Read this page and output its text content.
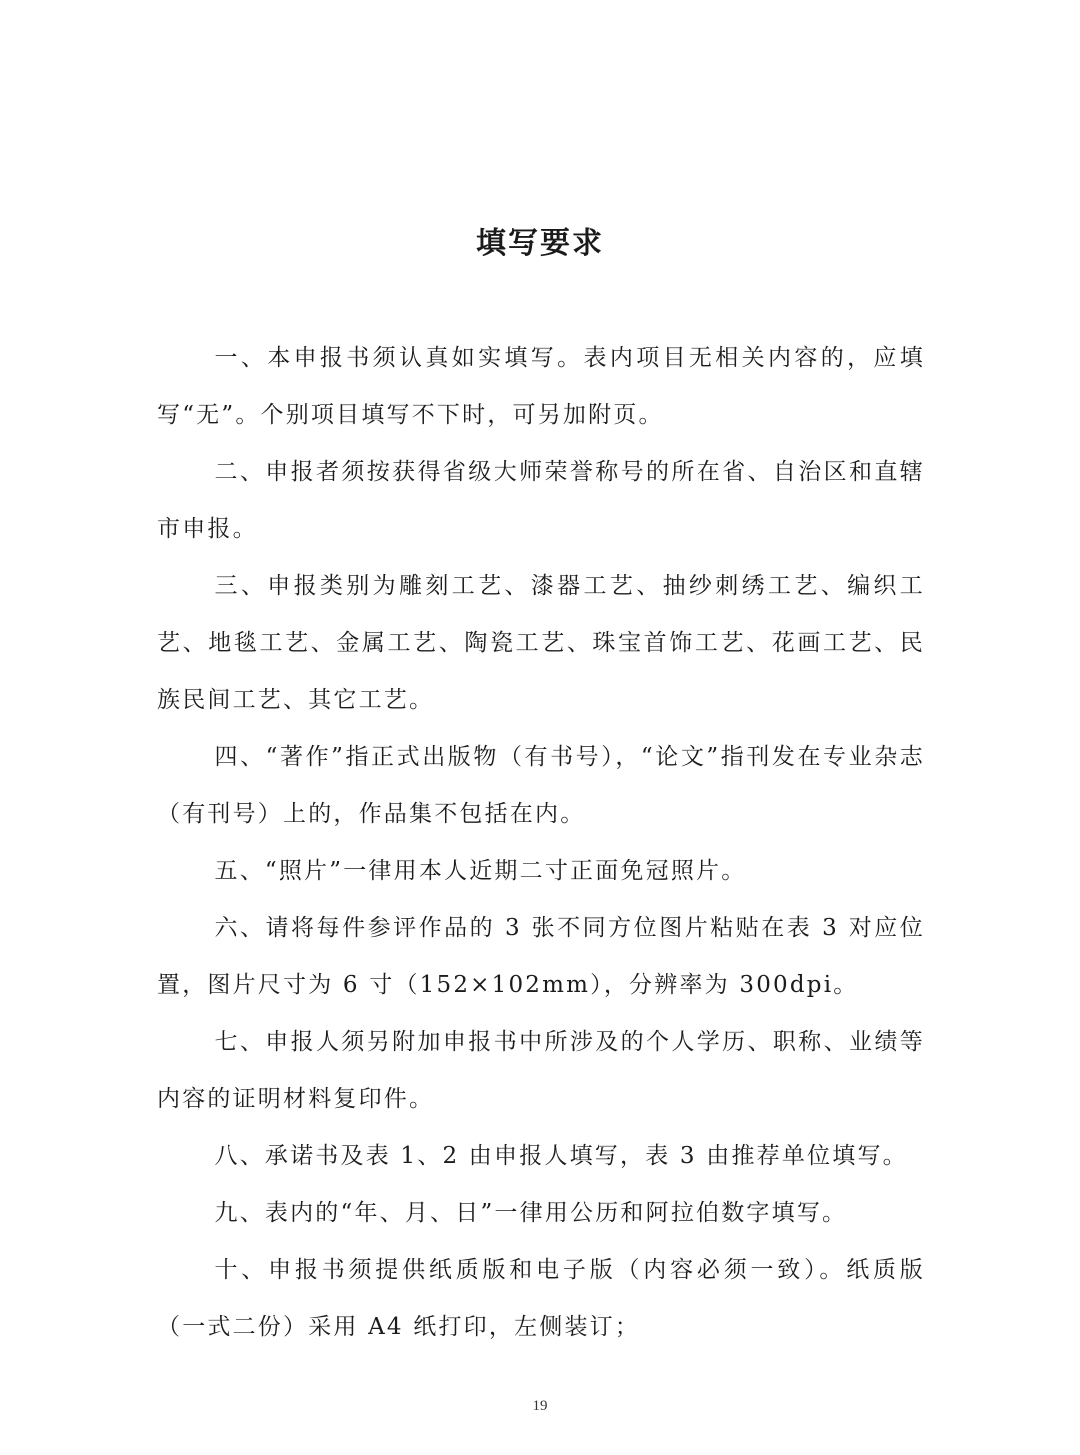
填写要求

一、本申报书须认真如实填写。表内项目无相关内容的，应填写“无”。个别项目填写不下时，可另加附页。

二、申报者须按获得省级大师荣誉称号的所在省、自治区和直辖市申报。

三、申报类别为雕刻工艺、漆器工艺、抽纱刺绣工艺、编织工艺、地毯工艺、金属工艺、陶瓷工艺、珠宝首饰工艺、花画工艺、民族民间工艺、其它工艺。

四、“著作”指正式出版物（有书号），“论文”指刊发在专业杂志（有刊号）上的，作品集不包括在内。

五、“照片”一律用本人近期二寸正面免冠照片。

六、请将每件参评作品的 3 张不同方位图片粘贴在表 3 对应位置，图片尺寸为 6 寸（152×102mm），分辨率为 300dpi。

七、申报人须另附加申报书中所涉及的个人学历、职称、业绩等内容的证明材料复印件。

八、承诺书及表 1、2 由申报人填写，表 3 由推荐单位填写。

九、表内的“年、月、日”一律用公历和阿拉伯数字填写。

十、申报书须提供纸质版和电子版（内容必须一致）。纸质版（一式二份）采用 A4 纸打印，左侧装订；

19
